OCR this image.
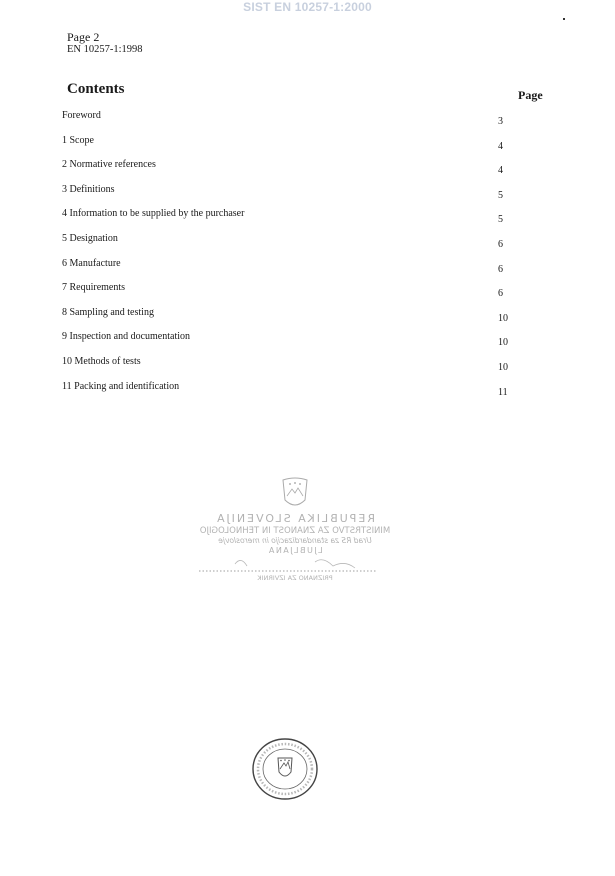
SIST EN 10257-1:2000
Page 2
EN 10257-1:1998
Contents	Page
Foreword
3
1 Scope
4
2 Normative references
4
3 Definitions
5
4 Information to be supplied by the purchaser
5
5 Designation
6
6 Manufacture
6
7 Requirements
6
8 Sampling and testing
10
9 Inspection and documentation
10
10 Methods of tests
10
11 Packing and identification
11
REPUBLIKA SLOVENIJA
MINISTRSTVO ZA ZNANOST IN TEHNOLOGIJO
Urad RS za standardizacijo in meroslovje
LJUBLJANA
PRIZNANO ZA IZVIRNIK
